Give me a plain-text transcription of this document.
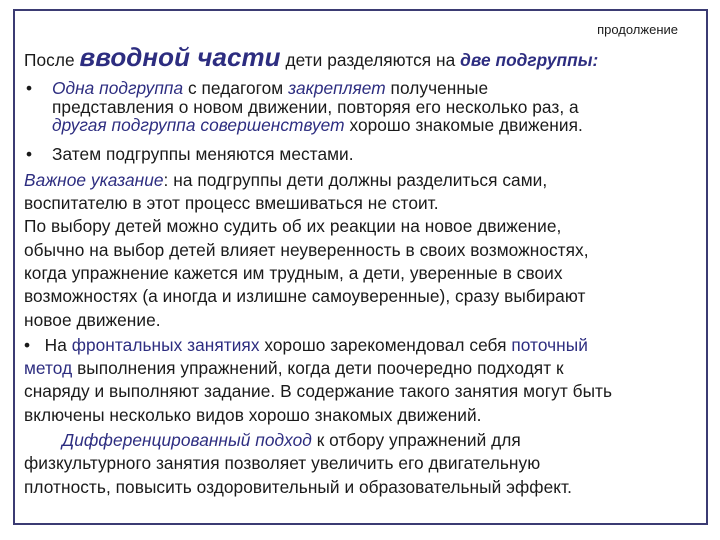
продолжение
После вводной части дети разделяются на две подгруппы:
• Одна подгруппа с педагогом закрепляет полученные
представления о новом движении, повторяя его несколько раз, а
другая подгруппа совершенствует хорошо знакомые движения.
• Затем подгруппы меняются местами.
Важное указание: на подгруппы дети должны разделиться сами,
воспитателю в этот процесс вмешиваться не стоит.
По выбору детей можно судить об их реакции на новое движение,
обычно на выбор детей влияет неуверенность в своих возможностях,
когда упражнение кажется им трудным, а дети, уверенные в своих
возможностях (а иногда и излишне самоуверенные), сразу выбирают
новое движение.
• На фронтальных занятиях хорошо зарекомендовал себя поточный
метод выполнения упражнений, когда дети поочередно подходят к
снаряду и выполняют задание. В содержание такого занятия могут быть
включены несколько видов хорошо знакомых движений.
Дифференцированный подход к отбору упражнений для
физкультурного занятия позволяет увеличить его двигательную
плотность, повысить оздоровительный и образовательный эффект.
